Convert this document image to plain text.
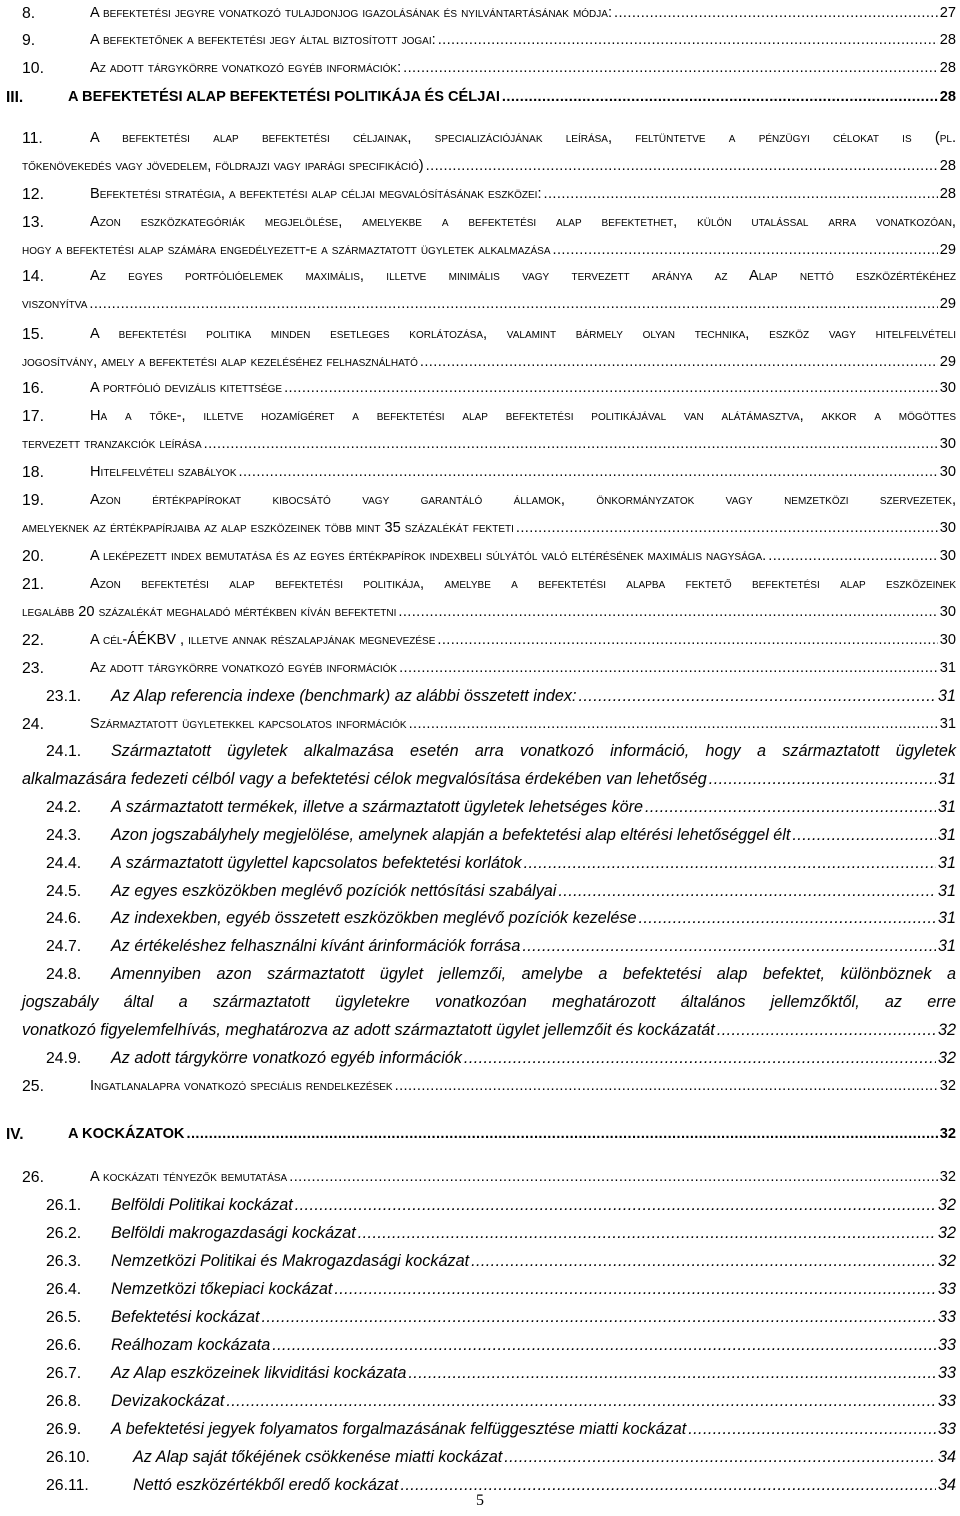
8.	A befektetési jegyre vonatkozó tulajdonjog igazolásának és nyilvántartásának módja: .....	27
9.	A befektetőnek a befektetési jegy által biztosított jogai: .....	28
10.	Az adott tárgykörre vonatkozó egyéb információk: .....	28
III.	A BEFEKTETÉSI ALAP BEFEKTETÉSI POLITIKÁJA ÉS CÉLJAI .....	28
11.	A befektetési alap befektetési céljainak, specializációjának leírása, feltüntetve a pénzügyi célokat is (pl.
tőkenövekedés vagy jövedelem, földrajzi vagy iparági specifikáció) .....	28
12.	Befektetési stratégia, a befektetési alap céljai megvalósításának eszközei: .....	28
13.	Azon eszközkategóriák megjelölése, amelyekbe a befektetési alap befektethet, külön utalással arra vonatkozóan,
hogy a befektetési alap számára engedélyezett-e a származtatott ügyletek alkalmazása .....	29
14.	Az egyes portfólióelemek maximális, illetve minimális vagy tervezett aránya az Alap nettó eszközértékéhez
viszonyítva .....	29
15.	A befektetési politika minden esetleges korlátozása, valamint bármely olyan technika, eszköz vagy hitelfelvételi
jogosítvány, amely a befektetési alap kezeléséhez felhasználható .....	29
16.	A portfólió devizális kitettsége .....	30
17.	Ha a tőke-, illetve hozamígéret a befektetési alap befektetési politikájával van alátámasztva, akkor a mögöttes
tervezett tranzakciók leírása .....	30
18.	Hitelfelvételi szabályok .....	30
19.	Azon értékpapírokat kibocsátó vagy garantáló államok, önkormányzatok vagy nemzetközi szervezetek,
amelyeknek az értékpapírjaiba az alap eszközeinek több mint 35 százalékát fekteti .....	30
20.	A leképezett index bemutatása és az egyes értékpapírok indexbeli súlyától való eltérésének maximális nagysága. .....	30
21.	Azon befektetési alap befektetési politikája, amelybe a befektetési alapba fektető befektetési alap eszközeinek
legalább 20 százalékát meghaladó mértékben kíván befektetni .....	30
22.	A cél-ÁÉKBV , illetve annak részalapjának megnevezése .....	30
23.	Az adott tárgykörre vonatkozó egyéb információk .....	31
23.1. Az Alap referencia indexe (benchmark) az alábbi összetett index: .....	31
24.	Származtatott ügyletekkel kapcsolatos információk .....	31
24.1. Származtatott ügyletek alkalmazása esetén arra vonatkozó információ, hogy a származtatott ügyletek
alkalmazására fedezeti célból vagy a befektetési célok megvalósítása érdekében van lehetőség .....	31
24.2. A származtatott termékek, illetve a származtatott ügyletek lehetséges köre .....	31
24.3. Azon jogszabályhely megjelölése, amelynek alapján a befektetési alap eltérési lehetőséggel élt .....	31
24.4. A származtatott ügylettel kapcsolatos befektetési korlátok .....	31
24.5. Az egyes eszközökben meglévő pozíciók nettósítási szabályai .....	31
24.6. Az indexekben, egyéb összetett eszközökben meglévő pozíciók kezelése .....	31
24.7. Az értékeléshez felhasználni kívánt árinformációk forrása .....	31
24.8. Amennyiben azon származtatott ügylet jellemzői, amelybe a befektetési alap befektet, különböznek a
jogszabály által a származtatott ügyletekre vonatkozóan meghatározott általános jellemzőktől, az erre
vonatkozó figyelemfelhívás, meghatározva az adott származtatott ügylet jellemzőit és kockázatát .....	32
24.9. Az adott tárgykörre vonatkozó egyéb információk .....	32
25.	Ingatlanalapra vonatkozó speciális rendelkezések .....	32
IV.	A KOCKÁZATOK .....	32
26.	A kockázati tényezők bemutatása .....	32
26.1. Belföldi Politikai kockázat .....	32
26.2. Belföldi makrogazdasági kockázat .....	32
26.3. Nemzetközi Politikai és Makrogazdasági kockázat .....	32
26.4. Nemzetközi tőkepiaci kockázat .....	33
26.5. Befektetési kockázat .....	33
26.6. Reálhozam kockázata .....	33
26.7. Az Alap eszközeinek likviditási kockázata .....	33
26.8. Devizakockázat .....	33
26.9. A befektetési jegyek folyamatos forgalmazásának felfüggesztése miatti kockázat .....	33
26.10.	Az Alap saját tőkéjének csökkenése miatti kockázat .....	34
26.11.	Nettó eszközértékből eredő kockázat .....	34
5
